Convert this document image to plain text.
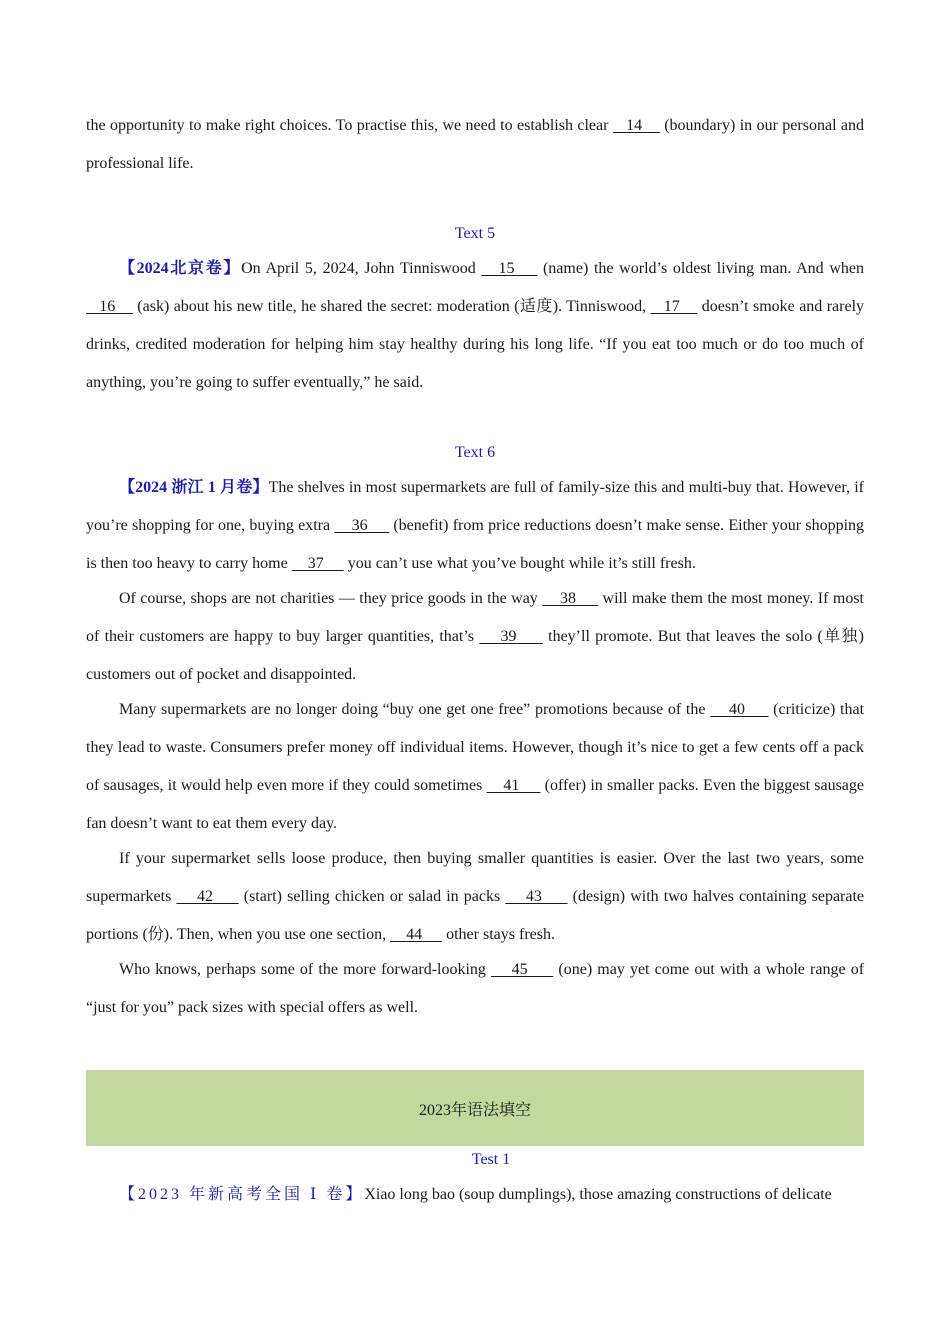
the opportunity to make right choices. To practise this, we need to establish clear    14     (boundary) in our personal and professional life.

Text 5

【2024北京卷】On April 5, 2024, John Tinniswood    15     (name) the world’s oldest living man. And when    16     (ask) about his new title, he shared the secret: moderation (适度). Tinniswood,    17     doesn’t smoke and rarely drinks, credited moderation for helping him stay healthy during his long life. “If you eat too much or do too much of anything, you’re going to suffer eventually,” he said.

Text 6

【2024 浙江 1 月卷】The shelves in most supermarkets are full of family-size this and multi-buy that. However, if you’re shopping for one, buying extra     36      (benefit) from price reductions doesn’t make sense. Either your shopping is then too heavy to carry home     37      you can’t use what you’ve bought while it’s still fresh.

Of course, shops are not charities — they price goods in the way     38      will make them the most money. If most of their customers are happy to buy larger quantities, that’s     39      they’ll promote. But that leaves the solo (单独) customers out of pocket and disappointed.

Many supermarkets are no longer doing “buy one get one free” promotions because of the     40      (criticize) that they lead to waste. Consumers prefer money off individual items. However, though it’s nice to get a few cents off a pack of sausages, it would help even more if they could sometimes     41      (offer) in smaller packs. Even the biggest sausage fan doesn’t want to eat them every day.

If your supermarket sells loose produce, then buying smaller quantities is easier. Over the last two years, some supermarkets     42      (start) selling chicken or salad in packs     43      (design) with two halves containing separate portions (份). Then, when you use one section,     44      other stays fresh.

Who knows, perhaps some of the more forward-looking     45      (one) may yet come out with a whole range of “just for you” pack sizes with special offers as well.

2023年语法填空

Test 1

【2023 年新高考全国 Ⅰ 卷】Xiao long bao (soup dumplings), those amazing constructions of delicate
